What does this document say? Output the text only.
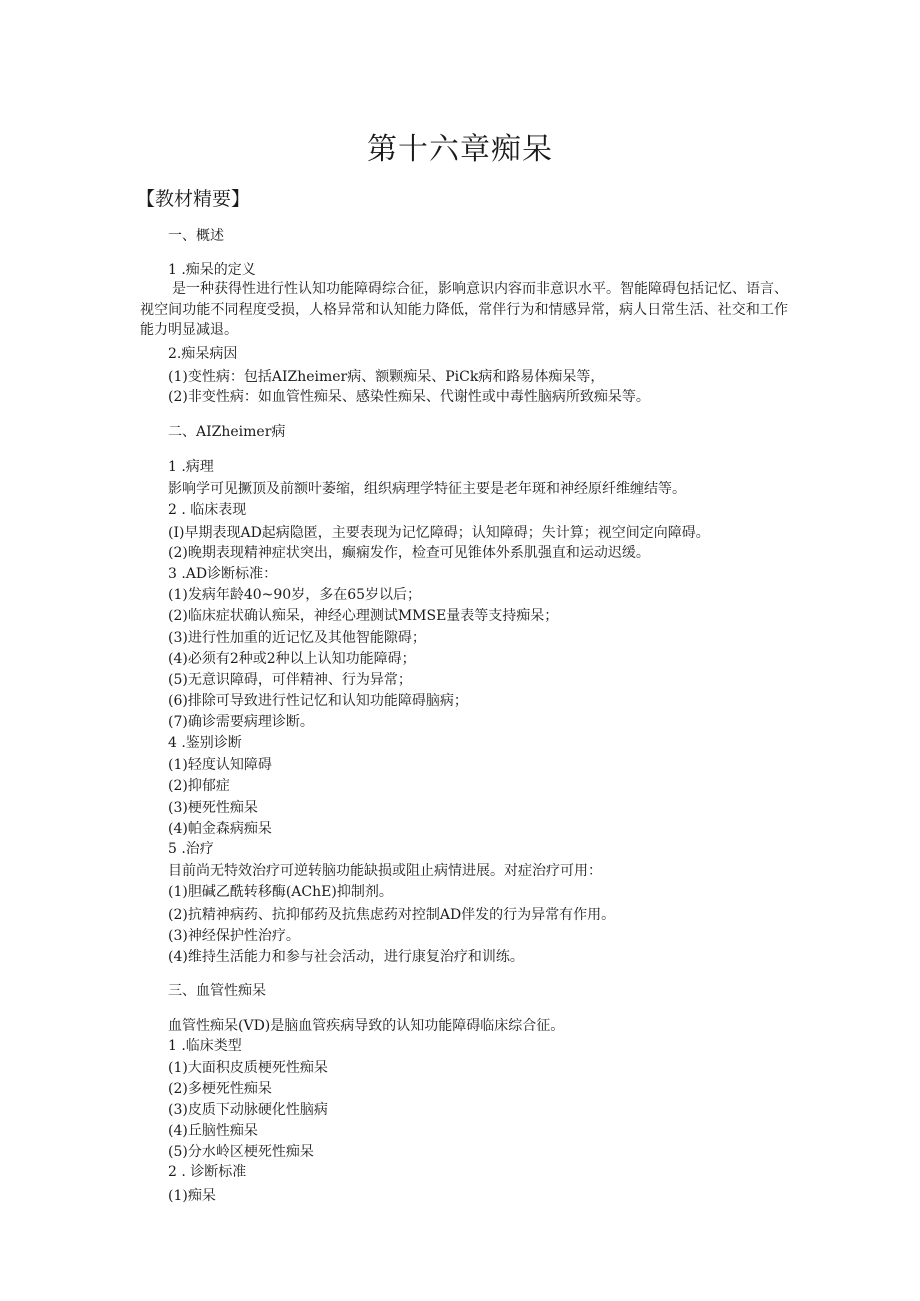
第十六章痴呆
【教材精要】
一、概述
1 .痴呆的定义
是一种获得性进行性认知功能障碍综合征，影响意识内容而非意识水平。智能障碍包括记忆、语言、视空间功能不同程度受损，人格异常和认知能力降低，常伴行为和情感异常，病人日常生活、社交和工作能力明显减退。
2.痴呆病因
(1)变性病：包括AIZheimer病、额颗痴呆、PiCk病和路易体痴呆等，
(2)非变性病：如血管性痴呆、感染性痴呆、代谢性或中毒性脑病所致痴呆等。
二、AIZheimer病
1 .病理
影响学可见撅顶及前额叶萎缩，组织病理学特征主要是老年斑和神经原纤维缠结等。
2 . 临床表现
(I)早期表现AD起病隐匿，主要表现为记忆障碍；认知障碍；失计算；视空间定向障碍。
(2)晚期表现精神症状突出，癫痫发作，检查可见锥体外系肌强直和运动迟缓。
3 .AD诊断标准：
(1)发病年龄40~90岁，多在65岁以后；
(2)临床症状确认痴呆，神经心理测试MMSE量表等支持痴呆；
(3)进行性加重的近记忆及其他智能隙碍；
(4)必须有2种或2种以上认知功能障碍；
(5)无意识障碍，可伴精神、行为异常；
(6)排除可导致进行性记忆和认知功能障碍脑病；
(7)确诊需要病理诊断。
4 .鉴别诊断
(1)轻度认知障碍
(2)抑郁症
(3)梗死性痴呆
(4)帕金森病痴呆
5 .治疗
目前尚无特效治疗可逆转脑功能缺损或阻止病情进展。对症治疗可用：
(1)胆碱乙酰转移酶(AChE)抑制剂。
(2)抗精神病药、抗抑郁药及抗焦虑药对控制AD伴发的行为异常有作用。
(3)神经保护性治疗。
(4)维持生活能力和参与社会活动，进行康复治疗和训练。
三、血管性痴呆
血管性痴呆(VD)是脑血管疾病导致的认知功能障碍临床综合征。
1 .临床类型
(1)大面积皮质梗死性痴呆
(2)多梗死性痴呆
(3)皮质下动脉硬化性脑病
(4)丘脑性痴呆
(5)分水岭区梗死性痴呆
2 . 诊断标准
(1)痴呆
